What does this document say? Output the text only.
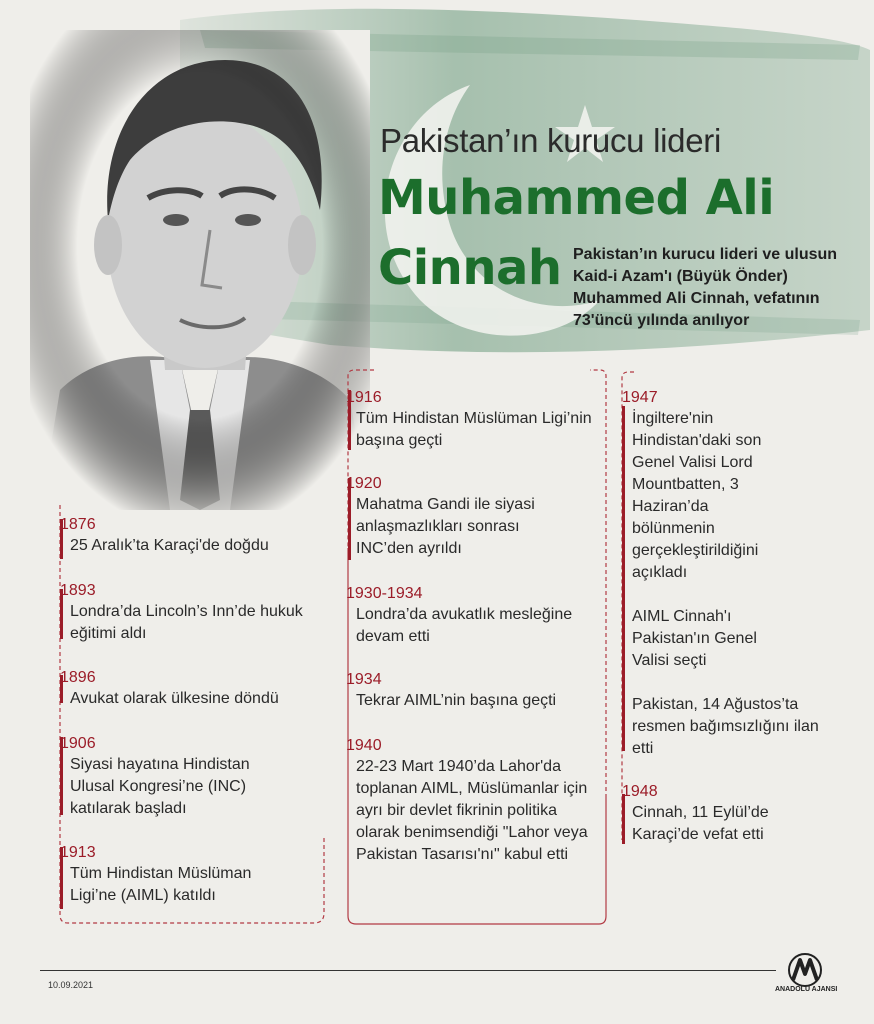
Pakistan’ın kurucu lideri
Muhammed Ali
Cinnah Pakistan’ın kurucu lideri ve ulusun Kaid-i Azam'ı (Büyük Önder) Muhammed Ali Cinnah, vefatının 73'üncü yılında anılıyor
1876
25 Aralık’ta Karaçi'de doğdu
1893
Londra’da Lincoln’s Inn’de hukuk eğitimi aldı
1896
Avukat olarak ülkesine döndü
1906
Siyasi hayatına Hindistan Ulusal Kongresi’ne (INC) katılarak başladı
1913
Tüm Hindistan Müslüman Ligi’ne (AIML) katıldı
1916
Tüm Hindistan Müslüman Ligi’nin başına geçti
1920
Mahatma Gandi ile siyasi anlaşmazlıkları sonrası INC’den ayrıldı
1930-1934
Londra’da avukatlık mesleğine devam etti
1934
Tekrar AIML’nin başına geçti
1940
22-23 Mart 1940’da Lahor'da toplanan AIML, Müslümanlar için ayrı bir devlet fikrinin politika olarak benimsendiği "Lahor veya Pakistan Tasarısı'nı" kabul etti
1947
İngiltere'nin Hindistan'daki son Genel Valisi Lord Mountbatten, 3 Haziran’da bölünmenin gerçekleştirildiğini açıkladı
AIML Cinnah'ı Pakistan'ın Genel Valisi seçti
Pakistan, 14 Ağustos’ta resmen bağımsızlığını ilan etti
1948
Cinnah, 11 Eylül’de Karaçi’de vefat etti
10.09.2021	ANADOLU AJANSI
